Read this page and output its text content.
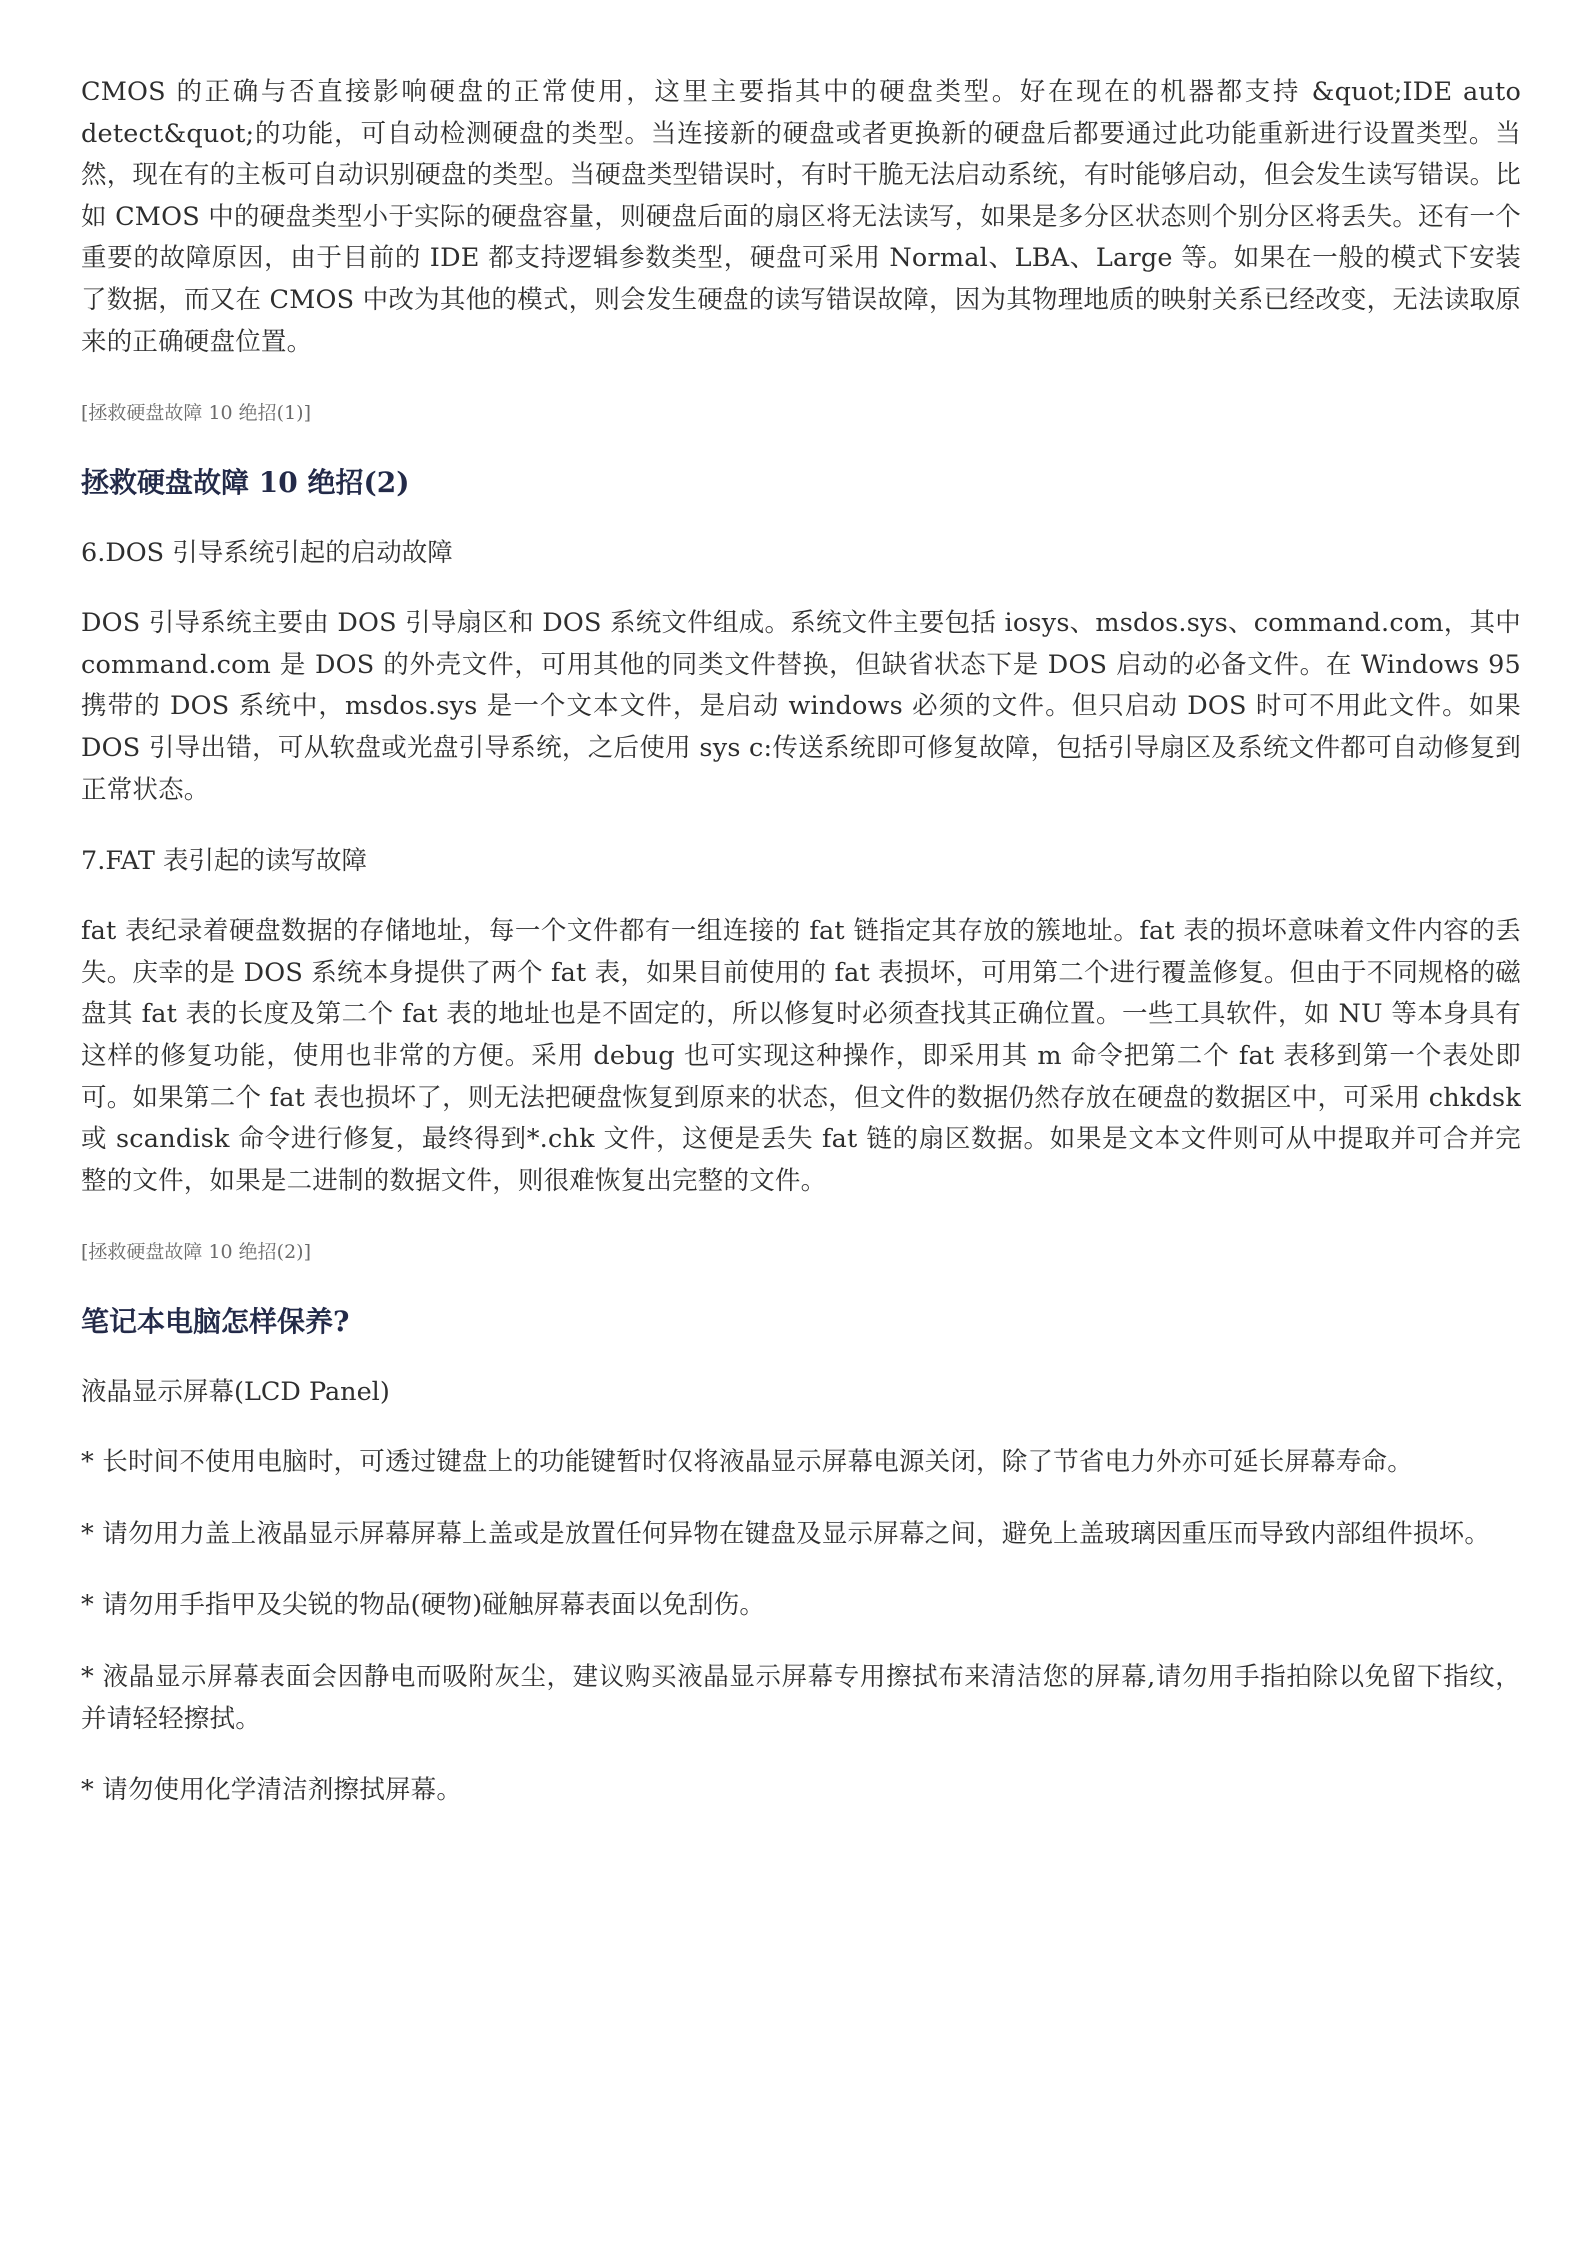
CMOS 的正确与否直接影响硬盘的正常使用，这里主要指其中的硬盘类型。好在现在的机器都支持 &quot;IDE auto detect&quot;的功能，可自动检测硬盘的类型。当连接新的硬盘或者更换新的硬盘后都要通过此功能重新进行设置类型。当然，现在有的主板可自动识别硬盘的类型。当硬盘类型错误时，有时干脆无法启动系统，有时能够启动，但会发生读写错误。比如 CMOS 中的硬盘类型小于实际的硬盘容量，则硬盘后面的扇区将无法读写，如果是多分区状态则个别分区将丢失。还有一个重要的故障原因，由于目前的 IDE 都支持逻辑参数类型，硬盘可采用 Normal、LBA、Large 等。如果在一般的模式下安装了数据，而又在 CMOS 中改为其他的模式，则会发生硬盘的读写错误故障，因为其物理地质的映射关系已经改变，无法读取原来的正确硬盘位置。

[拯救硬盘故障 10 绝招(1)]

拯救硬盘故障 10 绝招(2)

6.DOS 引导系统引起的启动故障

DOS 引导系统主要由 DOS 引导扇区和 DOS 系统文件组成。系统文件主要包括 iosys、msdos.sys、command.com，其中 command.com 是 DOS 的外壳文件，可用其他的同类文件替换，但缺省状态下是 DOS 启动的必备文件。在 Windows 95 携带的 DOS 系统中，msdos.sys 是一个文本文件，是启动 windows 必须的文件。但只启动 DOS 时可不用此文件。如果 DOS 引导出错，可从软盘或光盘引导系统，之后使用 sys c:传送系统即可修复故障，包括引导扇区及系统文件都可自动修复到正常状态。

7.FAT 表引起的读写故障

fat 表纪录着硬盘数据的存储地址，每一个文件都有一组连接的 fat 链指定其存放的簇地址。fat 表的损坏意味着文件内容的丢失。庆幸的是 DOS 系统本身提供了两个 fat 表，如果目前使用的 fat 表损坏，可用第二个进行覆盖修复。但由于不同规格的磁盘其 fat 表的长度及第二个 fat 表的地址也是不固定的，所以修复时必须查找其正确位置。一些工具软件，如 NU 等本身具有这样的修复功能，使用也非常的方便。采用 debug 也可实现这种操作，即采用其 m 命令把第二个 fat 表移到第一个表处即可。如果第二个 fat 表也损坏了，则无法把硬盘恢复到原来的状态，但文件的数据仍然存放在硬盘的数据区中，可采用 chkdsk 或 scandisk 命令进行修复，最终得到*.chk 文件，这便是丢失 fat 链的扇区数据。如果是文本文件则可从中提取并可合并完整的文件，如果是二进制的数据文件，则很难恢复出完整的文件。

[拯救硬盘故障 10 绝招(2)]

笔记本电脑怎样保养?

液晶显示屏幕(LCD Panel)

* 长时间不使用电脑时，可透过键盘上的功能键暂时仅将液晶显示屏幕电源关闭，除了节省电力外亦可延长屏幕寿命。

* 请勿用力盖上液晶显示屏幕屏幕上盖或是放置任何异物在键盘及显示屏幕之间，避免上盖玻璃因重压而导致内部组件损坏。

* 请勿用手指甲及尖锐的物品(硬物)碰触屏幕表面以免刮伤。

* 液晶显示屏幕表面会因静电而吸附灰尘，建议购买液晶显示屏幕专用擦拭布来清洁您的屏幕,请勿用手指拍除以免留下指纹，并请轻轻擦拭。

* 请勿使用化学清洁剂擦拭屏幕。
